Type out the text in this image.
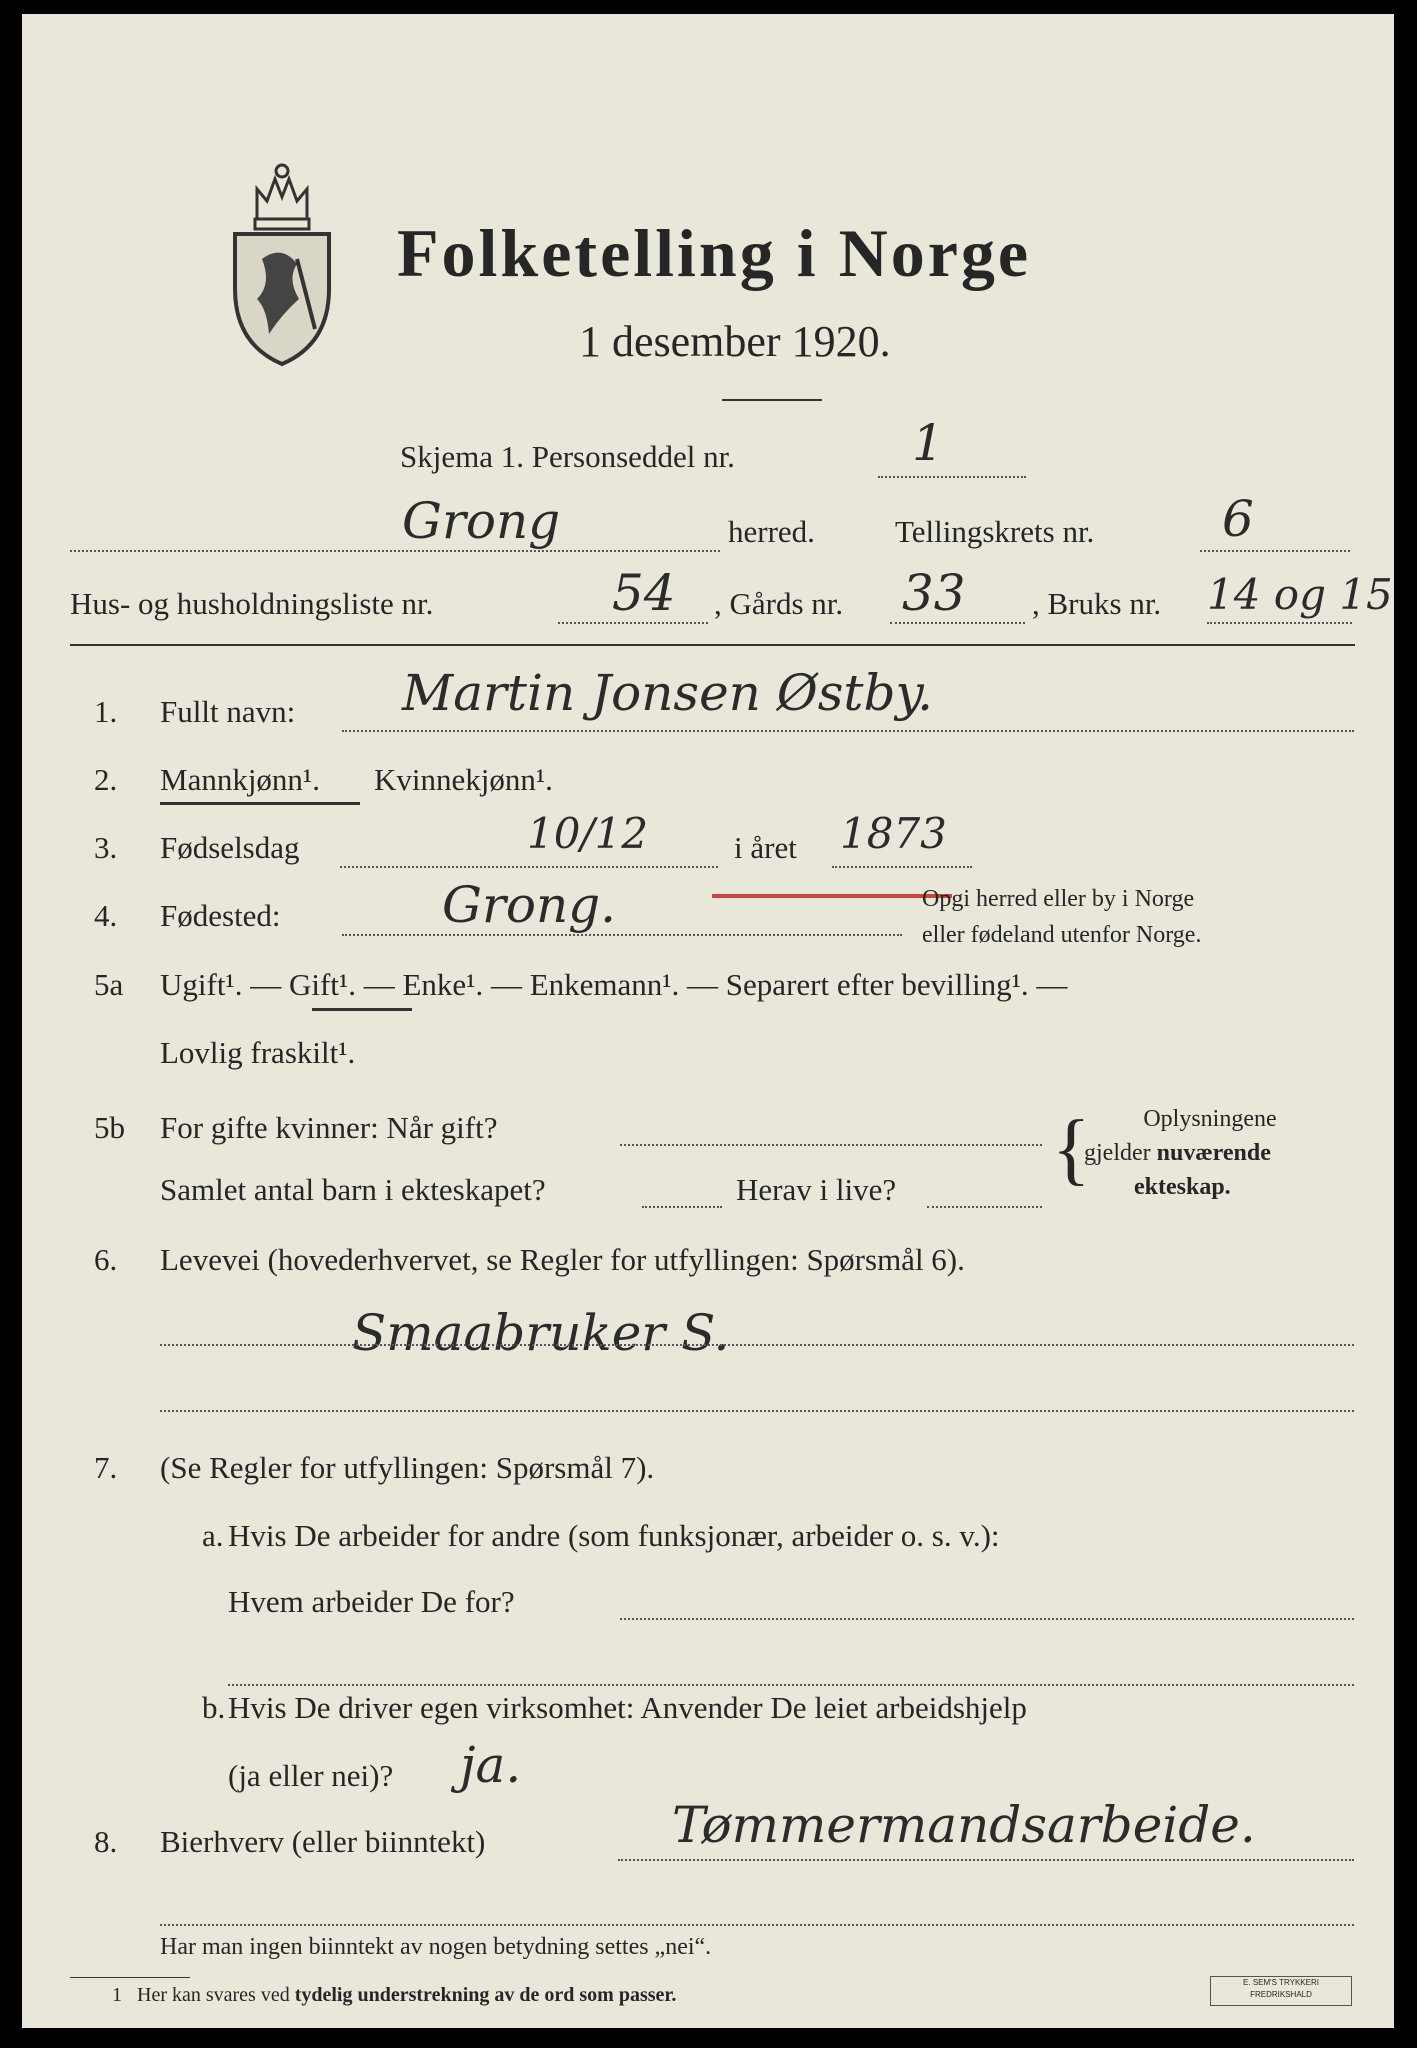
Folketelling i Norge
1 desember 1920.
Skjema 1. Personseddel nr.	1
Grong	herred.	Tellingskrets nr.	6
Hus- og husholdningsliste nr.	54 , Gårds nr. 33 , Bruks nr. 14 og 15
1. Fullt navn: Martin Jonsen Østby.
2. Mannkjønn¹. Kvinnekjønn¹.
3. Fødselsdag	10/12	i året 1873
4. Fødested:	Grong.	Opgi herred eller by i Norge
eller fødeland utenfor Norge.
5a Ugift¹. — Gift¹. — Enke¹. — Enkemann¹. — Separert efter bevilling¹. —
Lovlig fraskilt¹.
5b For gifte kvinner: Når gift?
Samlet antal barn i ekteskapet?	Herav i live? {	Oplysningene
gjelder nuværende
ekteskap.
6. Levevei (hovederhvervet, se Regler for utfyllingen: Spørsmål 6).
Smaabruker S.
7. (Se Regler for utfyllingen: Spørsmål 7).
a. Hvis De arbeider for andre (som funksjonær, arbeider o. s. v.):
Hvem arbeider De for?
b. Hvis De driver egen virksomhet: Anvender De leiet arbeidshjelp
(ja eller nei)? ja.
8. Bierhverv (eller biinntekt)	Tømmermandsarbeide.
Har man ingen biinntekt av nogen betydning settes „nei“.
1 Her kan svares ved tydelig understrekning av de ord som passer.
E. SEM'S TRYKKERI
FREDRIKSHALD
